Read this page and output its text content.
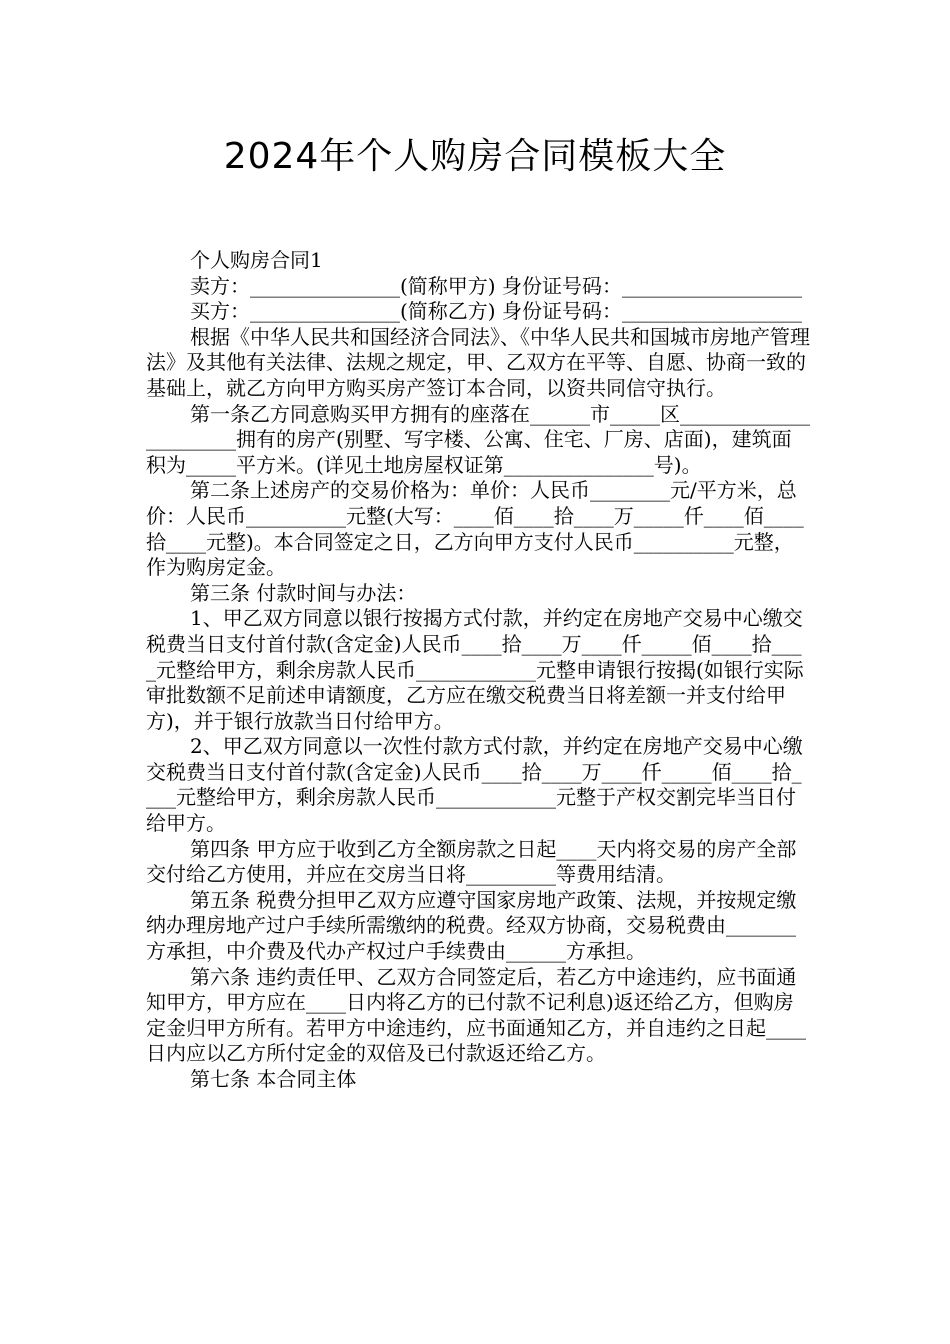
2024年个人购房合同模板大全

个人购房合同1

卖方：_______________(简称甲方) 身份证号码：__________________

买方：_______________(简称乙方) 身份证号码：__________________

根据《中华人民共和国经济合同法》、《中华人民共和国城市房地产管理法》及其他有关法律、法规之规定，甲、乙双方在平等、自愿、协商一致的基础上，就乙方向甲方购买房产签订本合同，以资共同信守执行。

第一条乙方同意购买甲方拥有的座落在______市_____区______________________拥有的房产(别墅、写字楼、公寓、住宅、厂房、店面)，建筑面积为_____平方米。(详见土地房屋权证第_______________号)。

第二条上述房产的交易价格为：单价：人民币________元/平方米，总价：人民币__________元整(大写：____佰____拾____万_____仟____佰____拾____元整)。本合同签定之日，乙方向甲方支付人民币__________元整，作为购房定金。

第三条 付款时间与办法：

1、甲乙双方同意以银行按揭方式付款，并约定在房地产交易中心缴交税费当日支付首付款(含定金)人民币____拾____万____仟_____佰____拾____元整给甲方，剩余房款人民币____________元整申请银行按揭(如银行实际审批数额不足前述申请额度，乙方应在缴交税费当日将差额一并支付给甲方)，并于银行放款当日付给甲方。

2、甲乙双方同意以一次性付款方式付款，并约定在房地产交易中心缴交税费当日支付首付款(含定金)人民币____拾____万____仟_____佰____拾____元整给甲方，剩余房款人民币____________元整于产权交割完毕当日付给甲方。

第四条 甲方应于收到乙方全额房款之日起____天内将交易的房产全部交付给乙方使用，并应在交房当日将_________等费用结清。

第五条 税费分担甲乙双方应遵守国家房地产政策、法规，并按规定缴纳办理房地产过户手续所需缴纳的税费。经双方协商，交易税费由_______方承担，中介费及代办产权过户手续费由______方承担。

第六条 违约责任甲、乙双方合同签定后，若乙方中途违约，应书面通知甲方，甲方应在____日内将乙方的已付款不记利息)返还给乙方，但购房定金归甲方所有。若甲方中途违约，应书面通知乙方，并自违约之日起____日内应以乙方所付定金的双倍及已付款返还给乙方。

第七条 本合同主体
